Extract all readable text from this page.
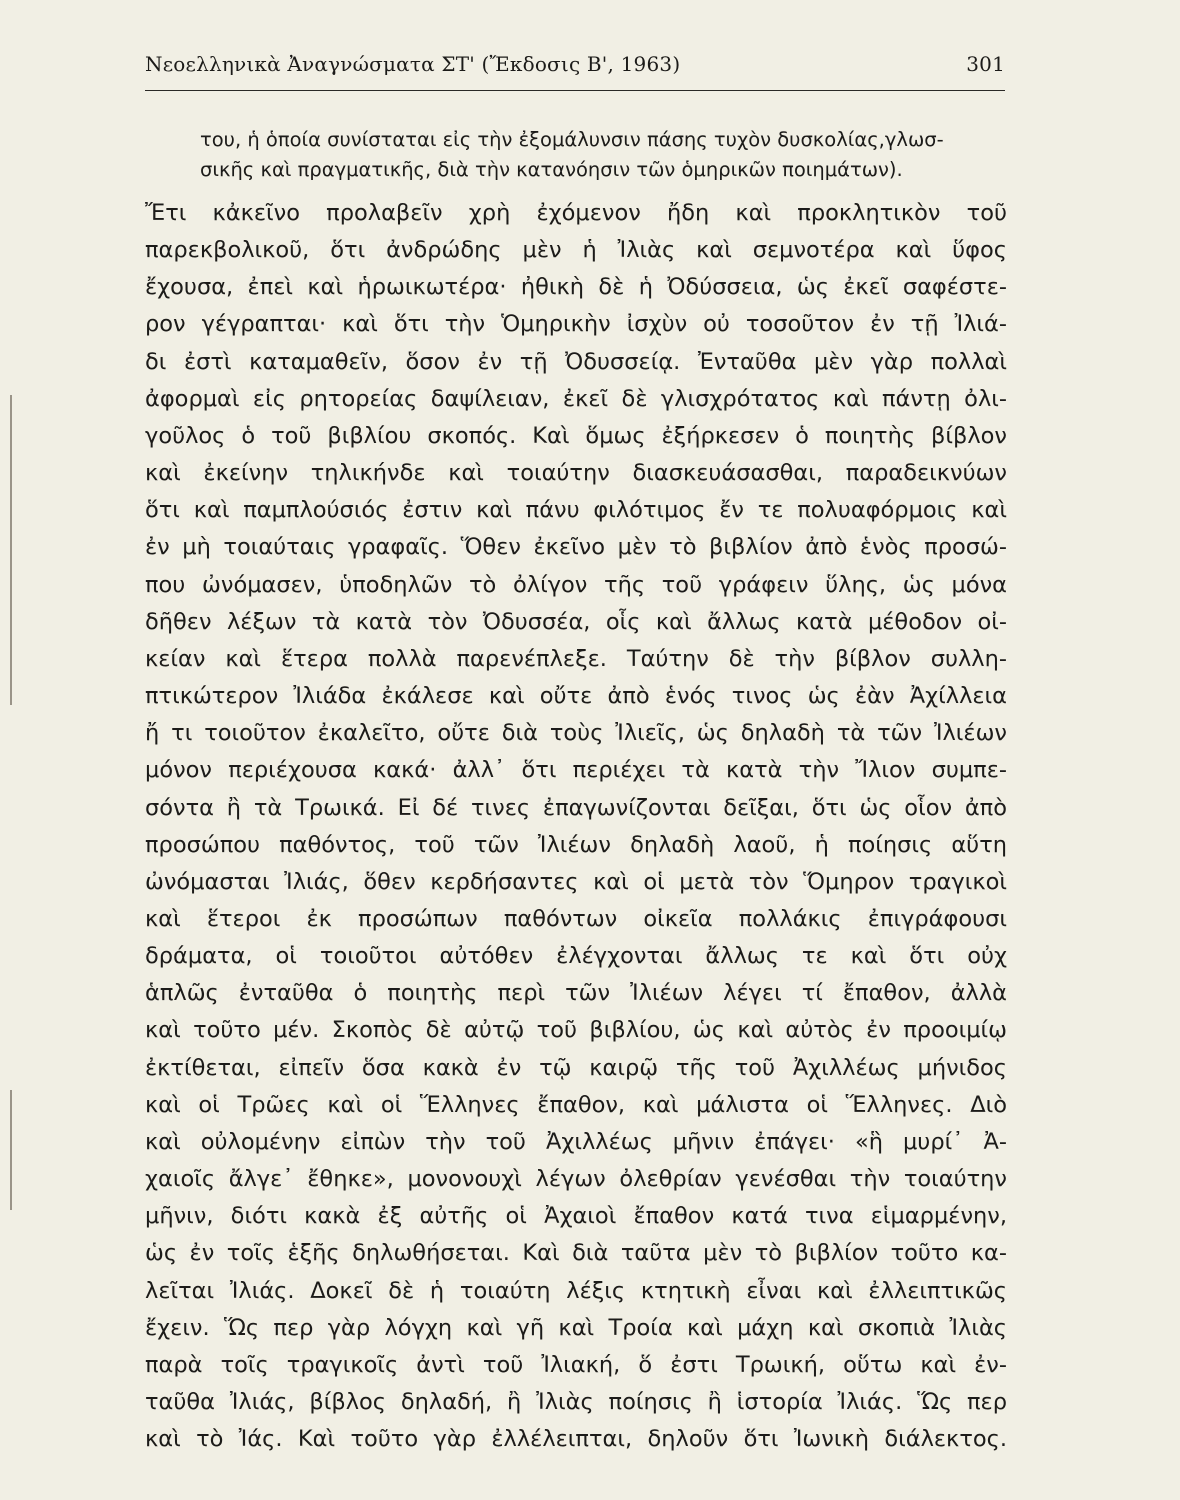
Νεοελληνικὰ Ἀναγνώσματα ΣΤ' (Ἔκδοσις Β', 1963)	301
του, ἡ ὁποία συνίσταται εἰς τὴν ἐξομάλυνσιν πάσης τυχὸν δυσκολίας,γλωσ-
σικῆς καὶ πραγματικῆς, διὰ τὴν κατανόησιν τῶν ὁμηρικῶν ποιημάτων).
Ἔτι κἀκεῖνο προλαβεῖν χρὴ ἐχόμενον ἤδη καὶ προκλητικὸν τοῦ
παρεκβολικοῦ, ὅτι ἀνδρώδης μὲν ἡ Ἰλιὰς καὶ σεμνοτέρα καὶ ὕφος
ἔχουσα, ἐπεὶ καὶ ἡρωικωτέρα· ἠθικὴ δὲ ἡ Ὀδύσσεια, ὡς ἐκεῖ σαφέστε-
ρον γέγραπται· καὶ ὅτι τὴν Ὁμηρικὴν ἰσχὺν οὐ τοσοῦτον ἐν τῇ Ἰλιά-
δι ἐστὶ καταμαθεῖν, ὅσον ἐν τῇ Ὀδυσσείᾳ. Ἐνταῦθα μὲν γὰρ πολλαὶ
ἀφορμαὶ εἰς ρητορείας δαψίλειαν, ἐκεῖ δὲ γλισχρότατος καὶ πάντῃ ὀλι-
γοῦλος ὁ τοῦ βιβλίου σκοπός. Καὶ ὅμως ἐξήρκεσεν ὁ ποιητὴς βίβλον
καὶ ἐκείνην τηλικήνδε καὶ τοιαύτην διασκευάσασθαι, παραδεικνύων
ὅτι καὶ παμπλούσιός ἐστιν καὶ πάνυ φιλότιμος ἔν τε πολυαφόρμοις καὶ
ἐν μὴ τοιαύταις γραφαῖς. Ὅθεν ἐκεῖνο μὲν τὸ βιβλίον ἀπὸ ἑνὸς προσώ-
που ὠνόμασεν, ὑποδηλῶν τὸ ὀλίγον τῆς τοῦ γράφειν ὕλης, ὡς μόνα
δῆθεν λέξων τὰ κατὰ τὸν Ὀδυσσέα, οἷς καὶ ἄλλως κατὰ μέθοδον οἰ-
κείαν καὶ ἕτερα πολλὰ παρενέπλεξε. Ταύτην δὲ τὴν βίβλον συλλη-
πτικώτερον Ἰλιάδα ἐκάλεσε καὶ οὔτε ἀπὸ ἑνός τινος ὡς ἐὰν Ἀχίλλεια
ἤ τι τοιοῦτον ἐκαλεῖτο, οὔτε διὰ τοὺς Ἰλιεῖς, ὡς δηλαδὴ τὰ τῶν Ἰλιέων
μόνον περιέχουσα κακά· ἀλλ᾽ ὅτι περιέχει τὰ κατὰ τὴν Ἴλιον συμπε-
σόντα ἢ τὰ Τρωικά. Εἰ δέ τινες ἐπαγωνίζονται δεῖξαι, ὅτι ὡς οἷον ἀπὸ
προσώπου παθόντος, τοῦ τῶν Ἰλιέων δηλαδὴ λαοῦ, ἡ ποίησις αὕτη
ὠνόμασται Ἰλιάς, ὅθεν κερδήσαντες καὶ οἱ μετὰ τὸν Ὅμηρον τραγικοὶ
καὶ ἕτεροι ἐκ προσώπων παθόντων οἰκεῖα πολλάκις ἐπιγράφουσι
δράματα, οἱ τοιοῦτοι αὐτόθεν ἐλέγχονται ἄλλως τε καὶ ὅτι οὐχ
ἁπλῶς ἐνταῦθα ὁ ποιητὴς περὶ τῶν Ἰλιέων λέγει τί ἔπαθον, ἀλλὰ
καὶ τοῦτο μέν. Σκοπὸς δὲ αὐτῷ τοῦ βιβλίου, ὡς καὶ αὐτὸς ἐν προοιμίῳ
ἐκτίθεται, εἰπεῖν ὅσα κακὰ ἐν τῷ καιρῷ τῆς τοῦ Ἀχιλλέως μήνιδος
καὶ οἱ Τρῶες καὶ οἱ Ἕλληνες ἔπαθον, καὶ μάλιστα οἱ Ἕλληνες. Διὸ
καὶ οὐλομένην εἰπὼν τὴν τοῦ Ἀχιλλέως μῆνιν ἐπάγει· «ἣ μυρί᾽ Ἀ-
χαιοῖς ἄλγε᾽ ἔθηκε», μονονουχὶ λέγων ὀλεθρίαν γενέσθαι τὴν τοιαύτην
μῆνιν, διότι κακὰ ἐξ αὐτῆς οἱ Ἀχαιοὶ ἔπαθον κατά τινα εἱμαρμένην,
ὡς ἐν τοῖς ἑξῆς δηλωθήσεται. Καὶ διὰ ταῦτα μὲν τὸ βιβλίον τοῦτο κα-
λεῖται Ἰλιάς. Δοκεῖ δὲ ἡ τοιαύτη λέξις κτητικὴ εἶναι καὶ ἐλλειπτικῶς
ἔχειν. Ὥς περ γὰρ λόγχη καὶ γῆ καὶ Τροία καὶ μάχη καὶ σκοπιὰ Ἰλιὰς
παρὰ τοῖς τραγικοῖς ἀντὶ τοῦ Ἰλιακή, ὅ ἐστι Τρωική, οὕτω καὶ ἐν-
ταῦθα Ἰλιάς, βίβλος δηλαδή, ἢ Ἰλιὰς ποίησις ἢ ἱστορία Ἰλιάς. Ὥς περ
καὶ τὸ Ἰάς. Καὶ τοῦτο γὰρ ἐλλέλειπται, δηλοῦν ὅτι Ἰωνικὴ διάλεκτος.
